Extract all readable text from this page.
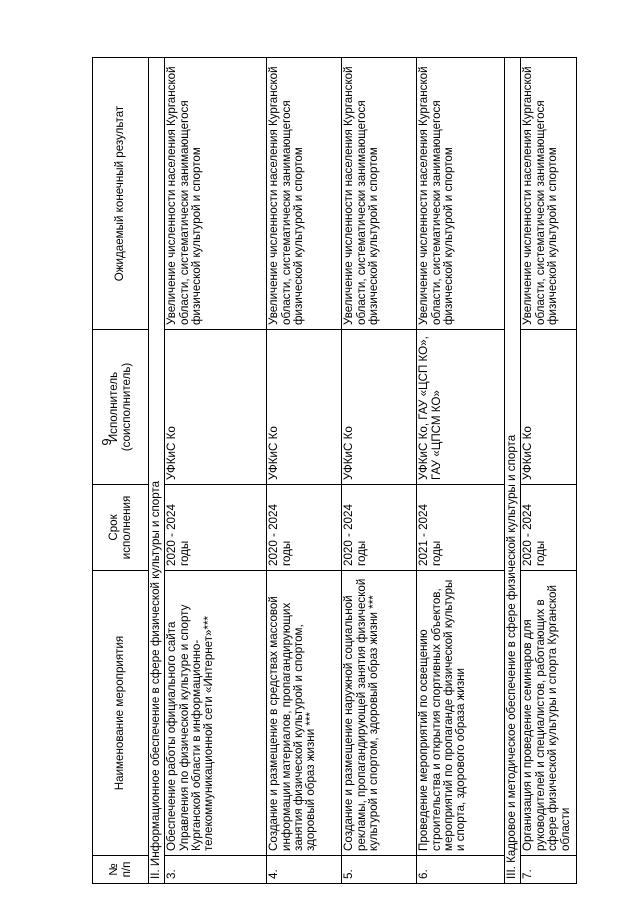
6
№ п/п	Наименование мероприятия	Срок исполнения	Исполнитель (соисполнитель)	Ожидаемый конечный результат
II. Информационное обеспечение в сфере физической культуры и спорта				
3.	Обеспечение работы официального сайта Управления по физической культуре и спорту Курганской области в информационно-телекоммуникационной сети «Интернет»***	2020 - 2024 годы	УФКиС Ко	Увеличение численности населения Курганской области, систематически занимающегося физической культурой и спортом
4.	Создание и размещение в средствах массовой информации материалов, пропагандирующих занятия физической культурой и спортом, здоровый образ жизни ***	2020 - 2024 годы	УФКиС Ко	Увеличение численности населения Курганской области, систематически занимающегося физической культурой и спортом
5.	Создание и размещение наружной социальной рекламы, пропагандирующей занятия физической культурой и спортом, здоровый образ жизни ***	2020 - 2024 годы	УФКиС Ко	Увеличение численности населения Курганской области, систематически занимающегося физической культурой и спортом
6.	Проведение мероприятий по освещению строительства и открытия спортивных объектов, мероприятий по пропаганде физической культуры и спорта, здорового образа жизни	2021 - 2024 годы	УФКиС Ко, ГАУ «ЦСП КО», ГАУ «ЦПСМ КО»	Увеличение численности населения Курганской области, систематически занимающегося физической культурой и спортом
III. Кадровое и методическое обеспечение в сфере физической культуры и спорта				
7.	Организация и проведение семинаров для руководителей и специалистов, работающих в сфере физической культуры и спорта Курганской области	2020 - 2024 годы	УФКиС Ко	Увеличение численности населения Курганской области, систематически занимающегося физической культурой и спортом
